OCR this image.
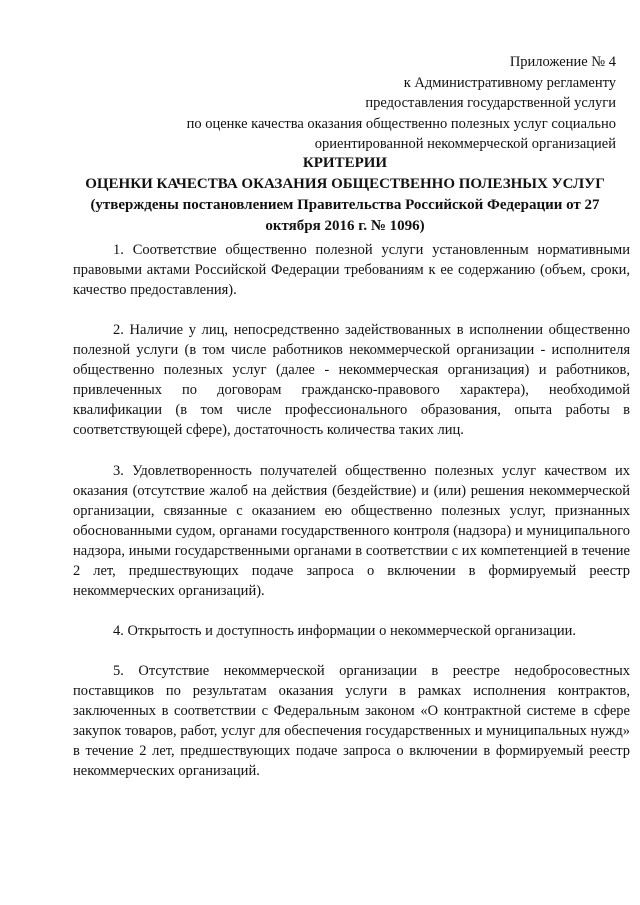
Приложение № 4
к Административному регламенту
предоставления государственной услуги
по оценке качества оказания общественно полезных услуг социально
ориентированной некоммерческой организацией
КРИТЕРИИ
ОЦЕНКИ КАЧЕСТВА ОКАЗАНИЯ ОБЩЕСТВЕННО ПОЛЕЗНЫХ УСЛУГ
(утверждены постановлением Правительства Российской Федерации от 27
октября 2016 г. № 1096)

1. Соответствие общественно полезной услуги установленным нормативными правовыми актами Российской Федерации требованиям к ее содержанию (объем, сроки, качество предоставления).

2. Наличие у лиц, непосредственно задействованных в исполнении общественно полезной услуги (в том числе работников некоммерческой организации - исполнителя общественно полезных услуг (далее - некоммерческая организация) и работников, привлеченных по договорам гражданско-правового характера), необходимой квалификации (в том числе профессионального образования, опыта работы в соответствующей сфере), достаточность количества таких лиц.

3. Удовлетворенность получателей общественно полезных услуг качеством их оказания (отсутствие жалоб на действия (бездействие) и (или) решения некоммерческой организации, связанные с оказанием ею общественно полезных услуг, признанных обоснованными судом, органами государственного контроля (надзора) и муниципального надзора, иными государственными органами в соответствии с их компетенцией в течение 2 лет, предшествующих подаче запроса о включении в формируемый реестр некоммерческих организаций).

4. Открытость и доступность информации о некоммерческой организации.

5. Отсутствие некоммерческой организации в реестре недобросовестных поставщиков по результатам оказания услуги в рамках исполнения контрактов, заключенных в соответствии с Федеральным законом «О контрактной системе в сфере закупок товаров, работ, услуг для обеспечения государственных и муниципальных нужд» в течение 2 лет, предшествующих подаче запроса о включении в формируемый реестр некоммерческих организаций.
